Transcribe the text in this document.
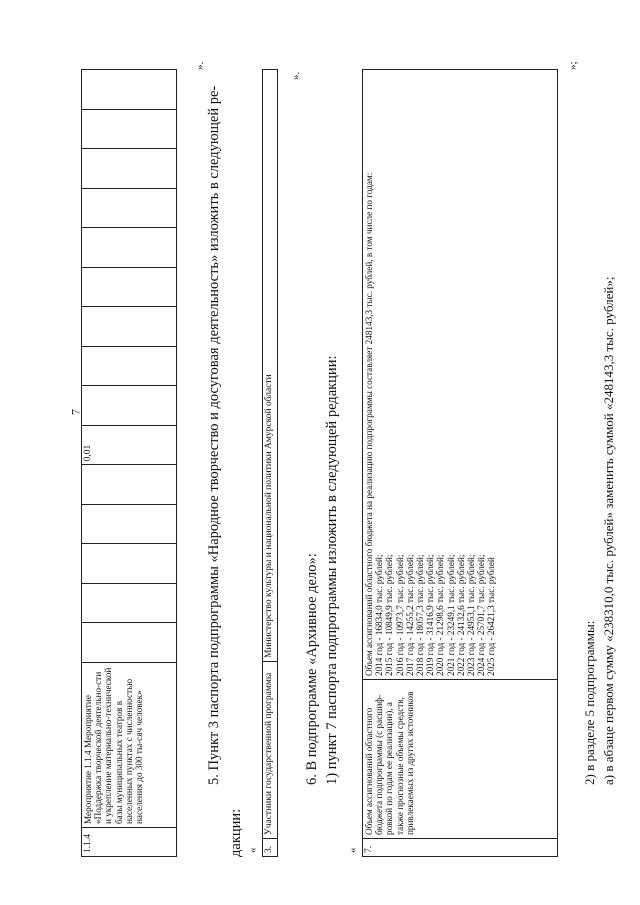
7
1.1.4	Мероприятие 1.1.4 Мероприятие «Поддержка творческой деятельно-сти и укрепление материально-технической базы муниципальных театров в населенных пунктах с численностью населения до 300 ты-сяч человек»						0,01									
».
5. Пункт 3 паспорта подпрограммы «Народное творчество и досуговая деятельность» изложить в следующей ре-
дакции: « 3.	Участники государственной программы	Министерство культуры и национальной политики Амурской области
».
6. В подпрограмме «Архивное дело»: 1) пункт 7 паспорта подпрограммы изложить в следующей редакции:
« 7.	Объем ассигнований областного бюджета подпрограммы (с расшиф-ровкой по годам ее реализации), а также прогнозные объемы средств, привлекаемых из других источников	
Объем ассигнований областного бюджета на реализацию подпрограммы составляет 248143,3 тыс. рублей, в том числе по годам: 2014 год - 16834,0 тыс. рублей; 2015 год - 10849,9 тыс. рублей; 2016 год - 10973,7 тыс. рублей; 2017 год - 14255,2 тыс. рублей; 2018 год - 18057,3 тыс. рублей; 2019 год - 31416,9 тыс. рублей; 2020 год - 21298,6 тыс. рублей; 2021 год - 23249,1 тыс. рублей; 2022 год - 24132,6 тыс. рублей; 2023 год - 24953,1 тыс. рублей; 2024 год - 25701,7 тыс. рублей; 2025 год - 26421,3 тыс. рублей
»;
2) в разделе 5 подпрограммы: а) в абзаце первом сумму «238310,0 тыс. рублей» заменить суммой «248143,3 тыс. рублей»;
